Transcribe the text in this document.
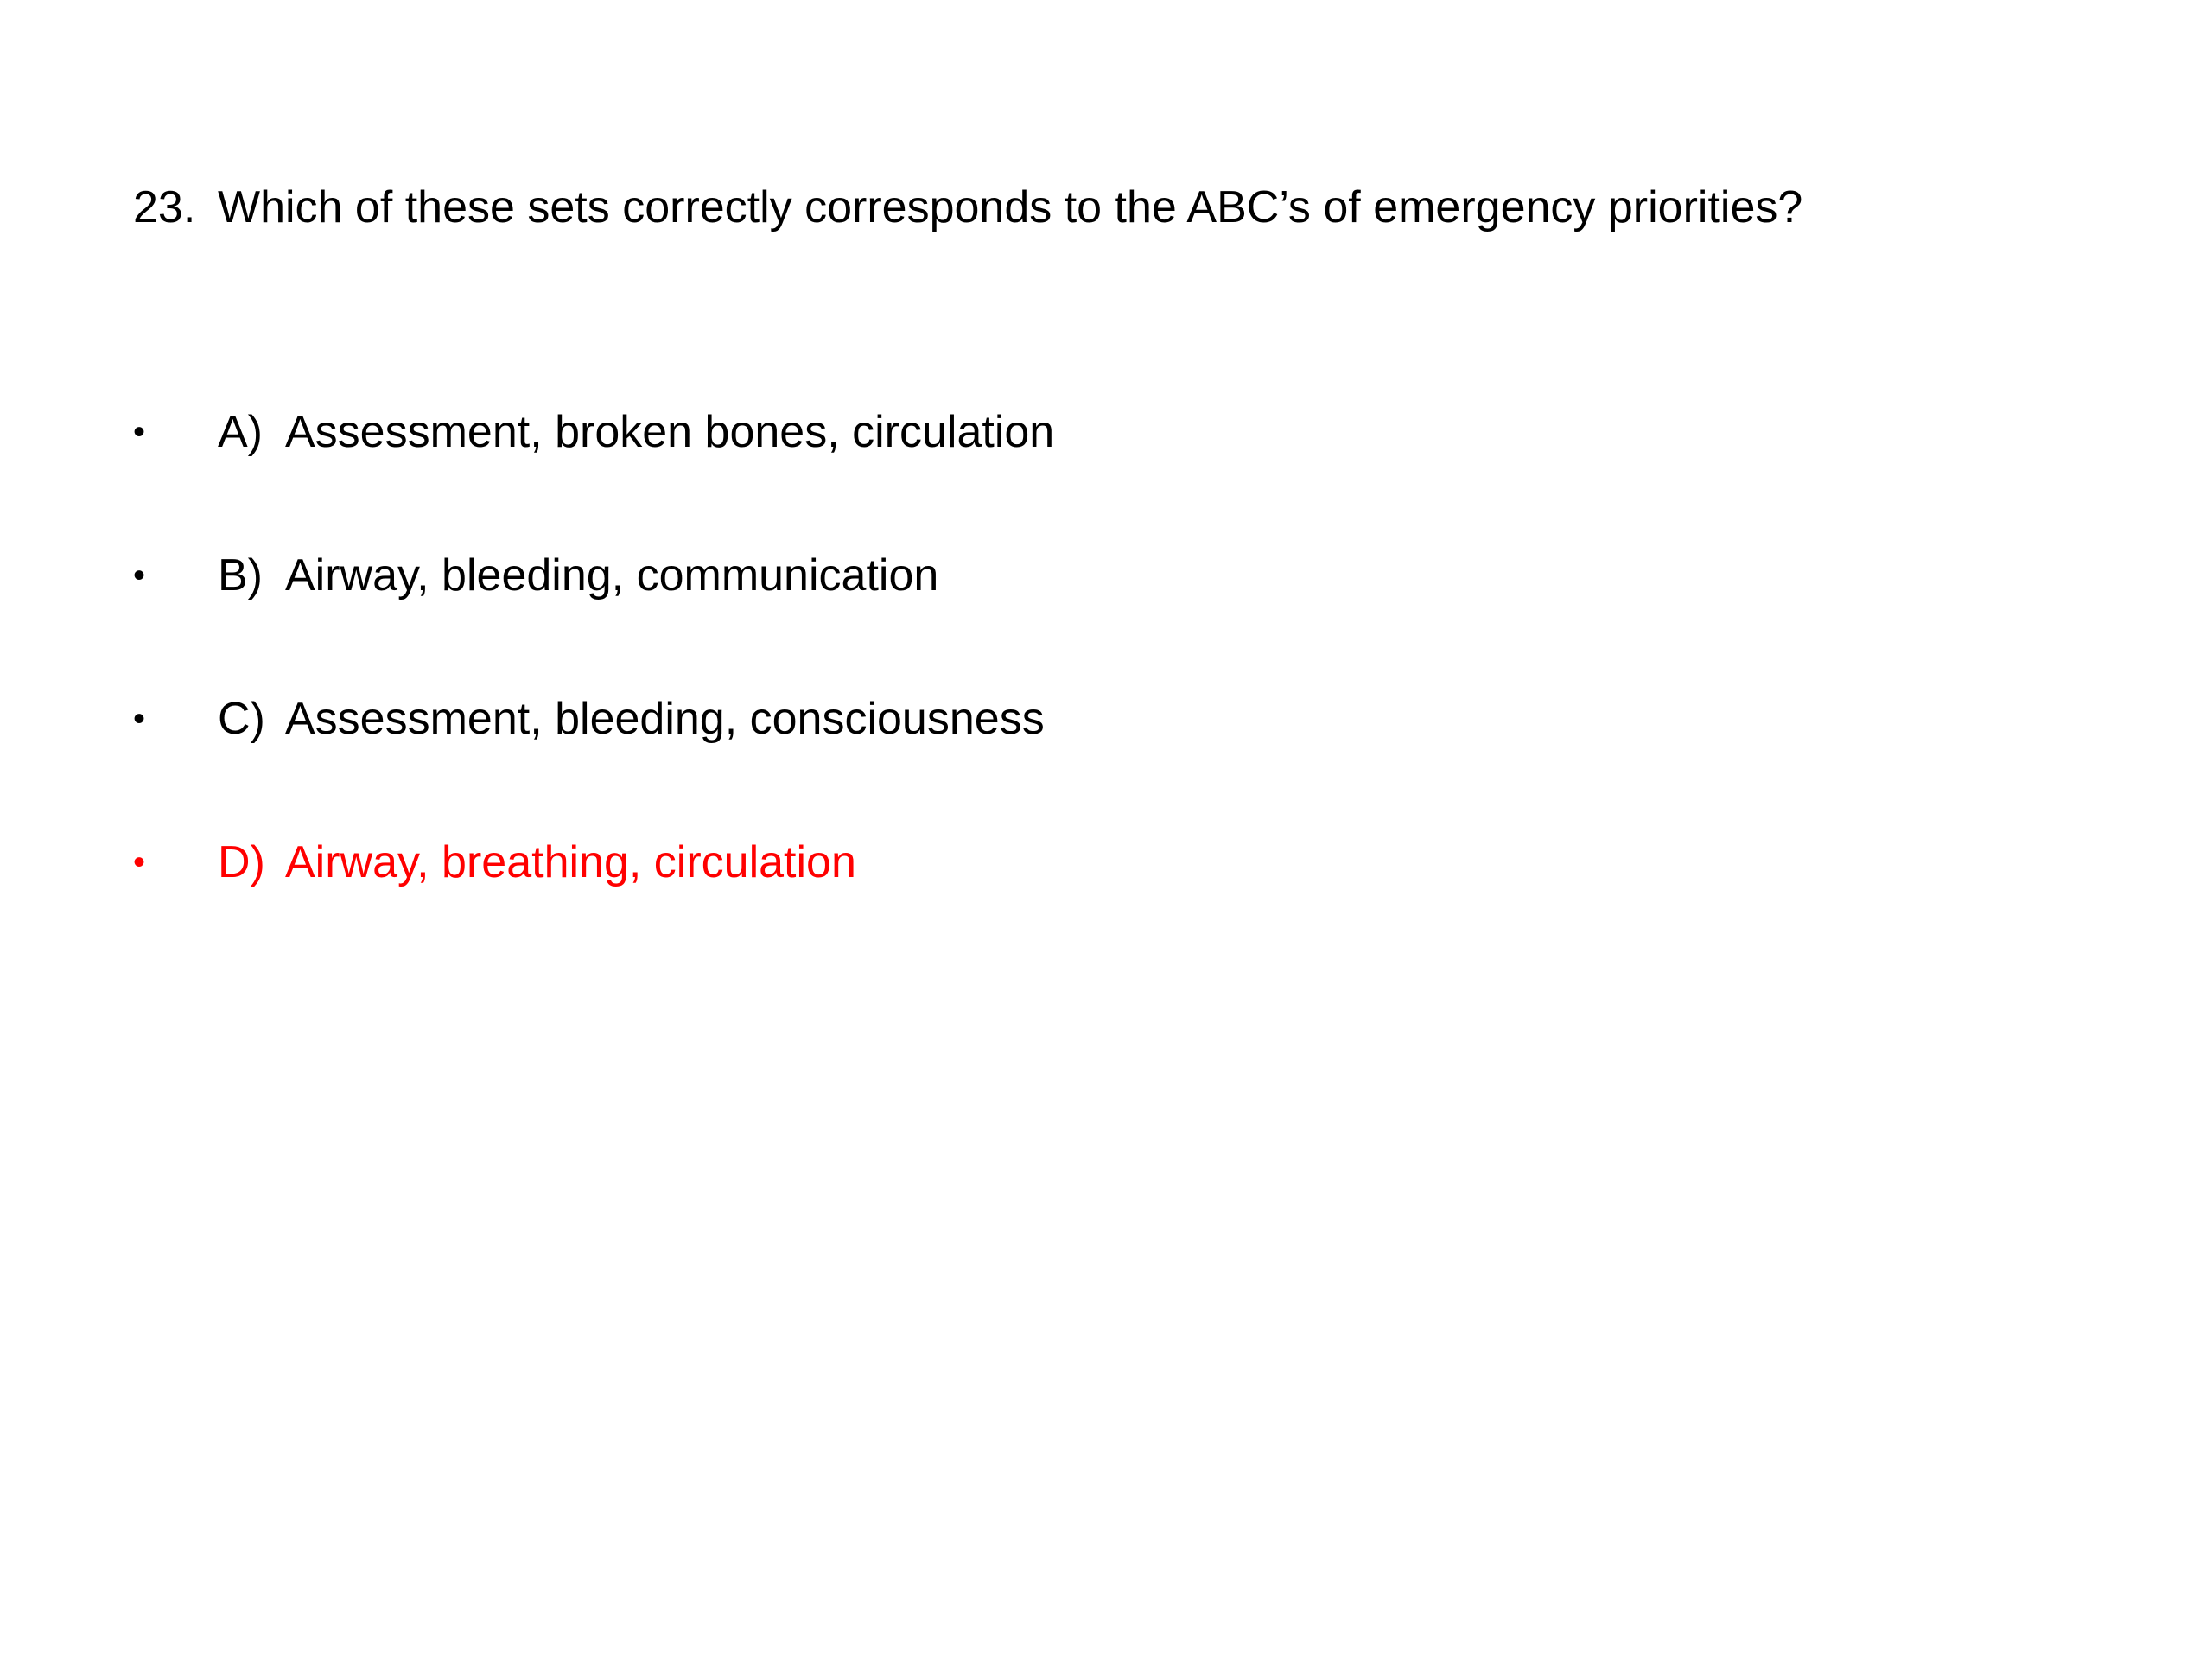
23. Which of these sets correctly corresponds to the ABC’s of emergency priorities?
• A) Assessment, broken bones, circulation
• B) Airway, bleeding, communication
• C) Assessment, bleeding, consciousness
• D) Airway, breathing, circulation
